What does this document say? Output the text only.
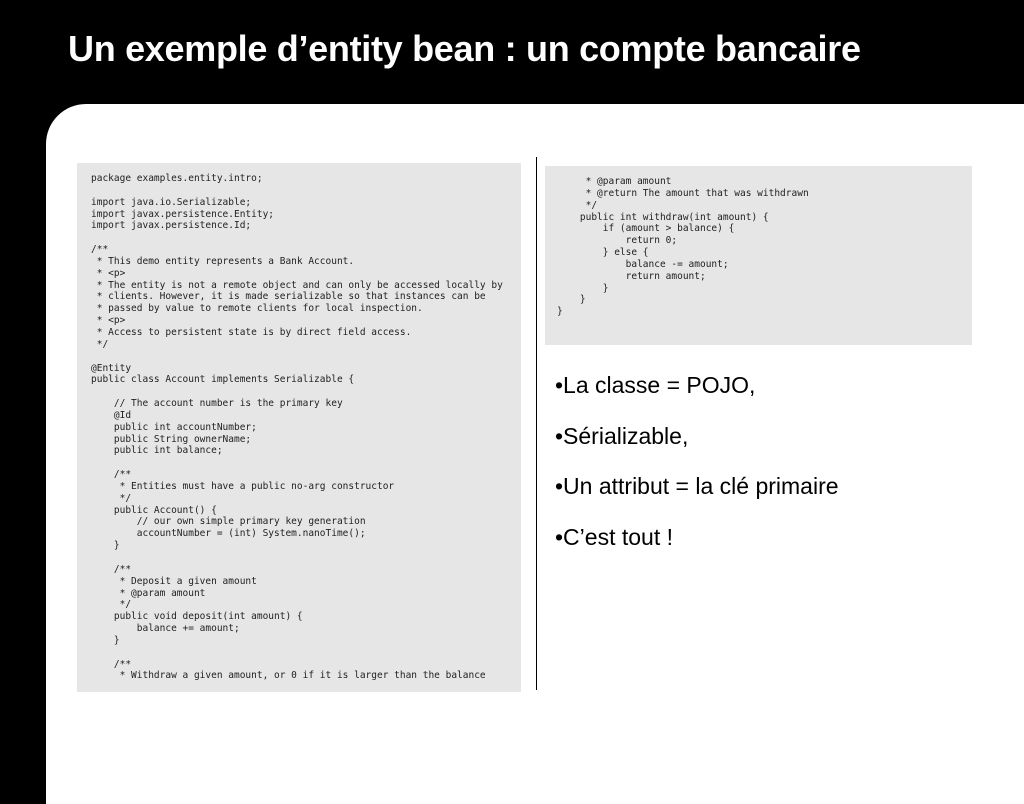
Un exemple d’entity bean : un compte bancaire
package examples.entity.intro;

import java.io.Serializable;
import javax.persistence.Entity;
import javax.persistence.Id;

/**
* This demo entity represents a Bank Account.
* <p>
* The entity is not a remote object and can only be accessed locally by
* clients. However, it is made serializable so that instances can be
* passed by value to remote clients for local inspection.
* <p>
* Access to persistent state is by direct field access.
*/

@Entity
public class Account implements Serializable {

// The account number is the primary key
@Id
public int accountNumber;
public String ownerName;
public int balance;

/**
* Entities must have a public no-arg constructor
*/
public Account() {
// our own simple primary key generation
accountNumber = (int) System.nanoTime();
}

/**
* Deposit a given amount
* @param amount
*/
public void deposit(int amount) {
balance += amount;
}

/**
* Withdraw a given amount, or 0 if it is larger than the balance
* @param amount
* @return The amount that was withdrawn
*/
public int withdraw(int amount) {
if (amount > balance) {
return 0;
} else {
balance -= amount;
return amount;
}
}
}
•La classe = POJO,
•Sérializable,
•Un attribut = la clé primaire
•C’est tout !
